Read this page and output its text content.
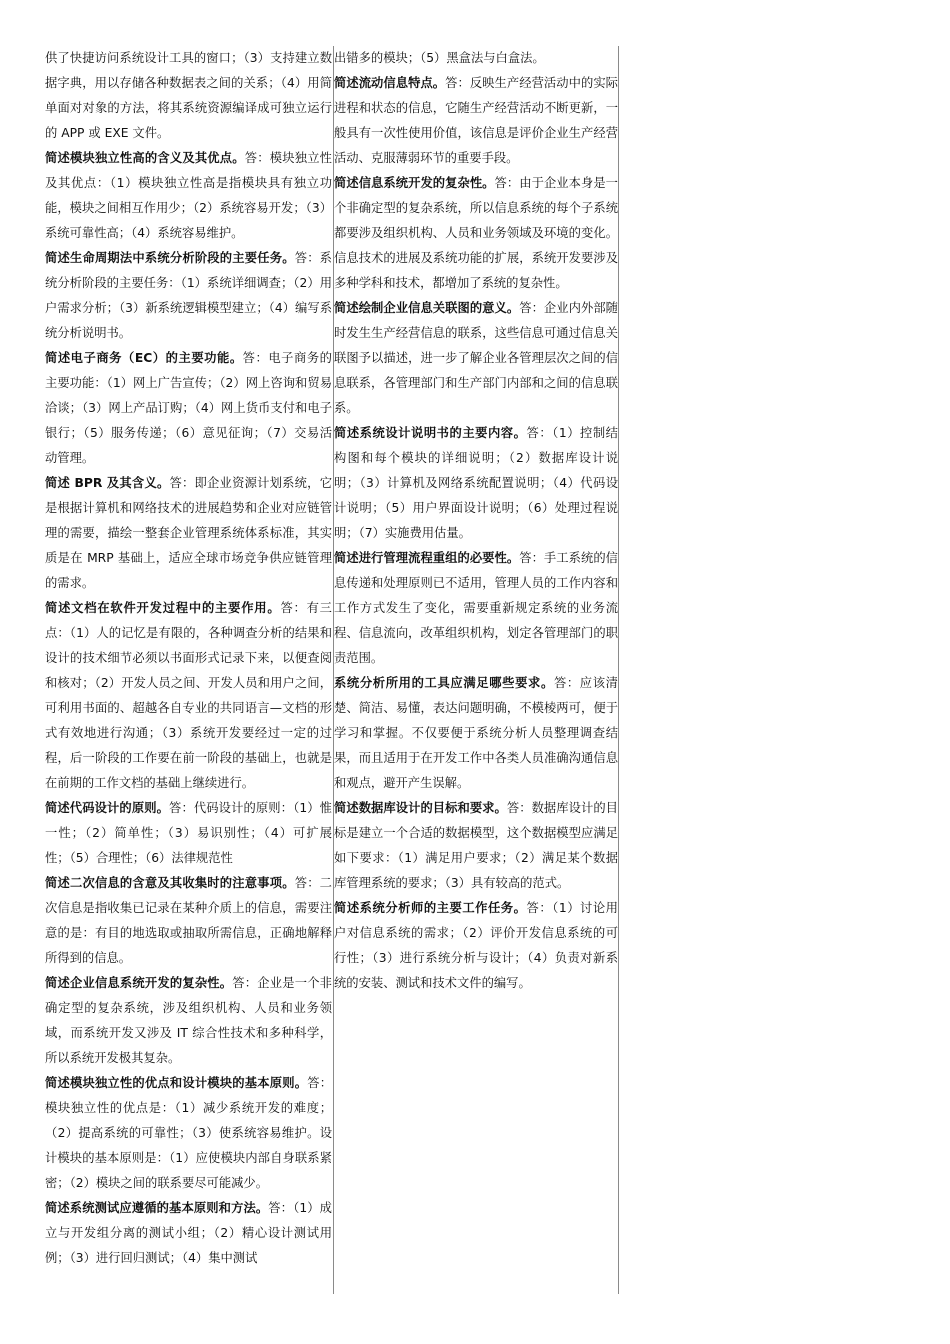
供了快捷访问系统设计工具的窗口；（3）支持建立数据字典，用以存储各种数据表之间的关系；（4）用简单面对对象的方法，将其系统资源编译成可独立运行的 APP 或 EXE 文件。

简述模块独立性高的含义及其优点。答：模块独立性及其优点：（1）模块独立性高是指模块具有独立功能，模块之间相互作用少；（2）系统容易开发；（3）系统可靠性高；（4）系统容易维护。

简述生命周期法中系统分析阶段的主要任务。答：系统分析阶段的主要任务：（1）系统详细调查；（2）用户需求分析；（3）新系统逻辑模型建立；（4）编写系统分析说明书。

简述电子商务（EC）的主要功能。答：电子商务的主要功能：（1）网上广告宣传；（2）网上咨询和贸易洽谈；（3）网上产品订购；（4）网上货币支付和电子银行；（5）服务传递；（6）意见征询；（7）交易活动管理。

简述 BPR 及其含义。答：即企业资源计划系统，它是根据计算机和网络技术的进展趋势和企业对应链管理的需要，描绘一整套企业管理系统体系标准，其实质是在 MRP 基础上，适应全球市场竞争供应链管理的需求。

简述文档在软件开发过程中的主要作用。答：有三点：（1）人的记忆是有限的，各种调查分析的结果和设计的技术细节必须以书面形式记录下来，以便查阅和核对；（2）开发人员之间、开发人员和用户之间，可利用书面的、超越各自专业的共同语言—文档的形式有效地进行沟通；（3）系统开发要经过一定的过程，后一阶段的工作要在前一阶段的基础上，也就是在前期的工作文档的基础上继续进行。

简述代码设计的原则。答：代码设计的原则：（1）惟一性；（2）简单性；（3）易识别性；（4）可扩展性；（5）合理性；（6）法律规范性

简述二次信息的含意及其收集时的注意事项。答：二次信息是指收集已记录在某种介质上的信息，需要注意的是：有目的地选取或抽取所需信息，正确地解释所得到的信息。

简述企业信息系统开发的复杂性。答：企业是一个非确定型的复杂系统，涉及组织机构、人员和业务领域，而系统开发又涉及 IT 综合性技术和多种科学，所以系统开发极其复杂。

简述模块独立性的优点和设计模块的基本原则。答：模块独立性的优点是：（1）减少系统开发的难度；（2）提高系统的可靠性；（3）使系统容易维护。设计模块的基本原则是：（1）应使模块内部自身联系紧密；（2）模块之间的联系要尽可能减少。

简述系统测试应遵循的基本原则和方法。答：（1）成立与开发组分离的测试小组；（2）精心设计测试用例；（3）进行回归测试；（4）集中测试

出错多的模块；（5）黑盒法与白盒法。

简述流动信息特点。答：反映生产经营活动中的实际进程和状态的信息，它随生产经营活动不断更新，一般具有一次性使用价值，该信息是评价企业生产经营活动、克服薄弱环节的重要手段。

简述信息系统开发的复杂性。答：由于企业本身是一个非确定型的复杂系统，所以信息系统的每个子系统都要涉及组织机构、人员和业务领域及环境的变化。信息技术的进展及系统功能的扩展，系统开发要涉及多种学科和技术，都增加了系统的复杂性。

简述绘制企业信息关联图的意义。答：企业内外部随时发生生产经营信息的联系，这些信息可通过信息关联图予以描述，进一步了解企业各管理层次之间的信息联系，各管理部门和生产部门内部和之间的信息联系。

简述系统设计说明书的主要内容。答：（1）控制结构图和每个模块的详细说明；（2）数据库设计说明；（3）计算机及网络系统配置说明；（4）代码设计说明；（5）用户界面设计说明；（6）处理过程说明；（7）实施费用估量。

简述进行管理流程重组的必要性。答：手工系统的信息传递和处理原则已不适用，管理人员的工作内容和工作方式发生了变化，需要重新规定系统的业务流程、信息流向，改革组织机构，划定各管理部门的职责范围。

系统分析所用的工具应满足哪些要求。答：应该清楚、简洁、易懂，表达问题明确，不模棱两可，便于学习和掌握。不仅要便于系统分析人员整理调查结果，而且适用于在开发工作中各类人员准确沟通信息和观点，避开产生误解。

简述数据库设计的目标和要求。答：数据库设计的目标是建立一个合适的数据模型，这个数据模型应满足如下要求：（1）满足用户要求；（2）满足某个数据库管理系统的要求；（3）具有较高的范式。

简述系统分析师的主要工作任务。答：（1）讨论用户对信息系统的需求；（2）评价开发信息系统的可行性；（3）进行系统分析与设计；（4）负责对新系统的安装、测试和技术文件的编写。
